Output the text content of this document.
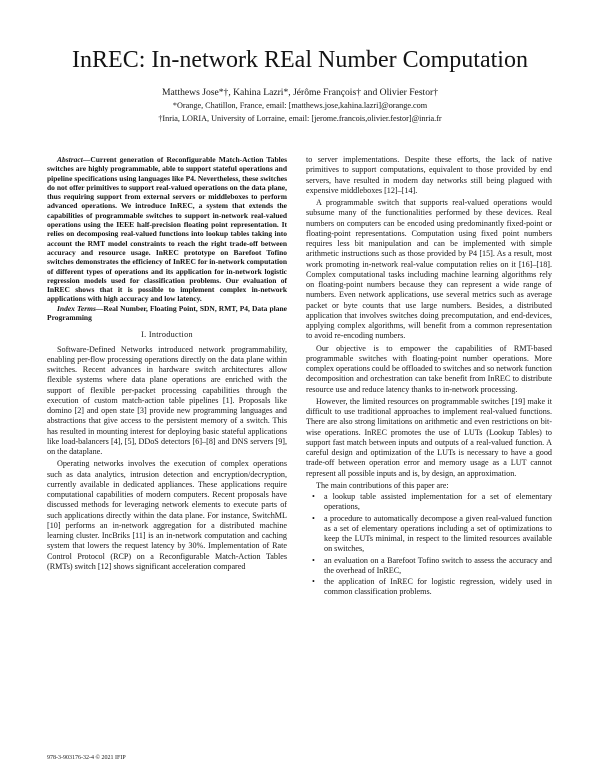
InREC: In-network REal Number Computation
Matthews Jose*†, Kahina Lazri*, Jérôme François† and Olivier Festor†
*Orange, Chatillon, France, email: [matthews.jose,kahina.lazri]@orange.com
†Inria, LORIA, University of Lorraine, email: [jerome.francois,olivier.festor]@inria.fr

Abstract—Current generation of Reconfigurable Match-Action Tables switches are highly programmable, able to support stateful operations and pipeline specifications using languages like P4. Nevertheless, these switches do not offer primitives to support real-valued operations on the data plane, thus requiring support from external servers or middleboxes to perform advanced operations. We introduce InREC, a system that extends the capabilities of programmable switches to support in-network real-valued operations using the IEEE half-precision floating point representation. It relies on decomposing real-valued functions into lookup tables taking into account the RMT model constraints to reach the right trade-off between accuracy and resource usage. InREC prototype on Barefoot Tofino switches demonstrates the efficiency of InREC for in-network computation of different types of operations and its application for in-network logistic regression models used for classification problems. Our evaluation of InREC shows that it is possible to implement complex in-network applications with high accuracy and low latency.

Index Terms—Real Number, Floating Point, SDN, RMT, P4, Data plane Programming

I. Introduction

Software-Defined Networks introduced network programmability, enabling per-flow processing operations directly on the data plane within switches. Recent advances in hardware switch architectures allow flexible systems where data plane operations are enriched with the support of flexible per-packet processing capabilities through the execution of custom match-action table pipelines [1]. Proposals like domino [2] and open state [3] provide new programming languages and abstractions that give access to the persistent memory of a switch. This has resulted in mounting interest for deploying basic stateful applications like load-balancers [4], [5], DDoS detectors [6]–[8] and DNS servers [9], on the dataplane.

Operating networks involves the execution of complex operations such as data analytics, intrusion detection and encryption/decryption, currently available in dedicated appliances. These applications require computational capabilities of modern computers. Recent proposals have discussed methods for leveraging network elements to execute parts of such applications directly within the data plane. For instance, SwitchML [10] performs an in-network aggregation for a distributed machine learning cluster. IncBriks [11] is an in-network computation and caching system that lowers the request latency by 30%. Implementation of Rate Control Protocol (RCP) on a Reconfigurable Match-Action Tables (RMTs) switch [12] shows significant acceleration compared

to server implementations. Despite these efforts, the lack of native primitives to support computations, equivalent to those provided by end servers, have resulted in modern day networks still being plagued with expensive middleboxes [12]–[14].

A programmable switch that supports real-valued operations would subsume many of the functionalities performed by these devices. Real numbers on computers can be encoded using predominantly fixed-point or floating-point representations. Computation using fixed point numbers requires less bit manipulation and can be implemented with simple arithmetic instructions such as those provided by P4 [15]. As a result, most work promoting in-network real-value computation relies on it [16]–[18]. Complex computational tasks including machine learning algorithms rely on floating-point numbers because they can represent a wide range of numbers. Even network applications, use several metrics such as average packet or byte counts that use large numbers. Besides, a distributed application that involves switches doing precomputation, and end-devices, applying complex algorithms, will benefit from a common representation to avoid re-encoding numbers.

Our objective is to empower the capabilities of RMT-based programmable switches with floating-point number operations. More complex operations could be offloaded to switches and so network function decomposition and orchestration can take benefit from InREC to distribute resource use and reduce latency thanks to in-network processing.

However, the limited resources on programmable switches [19] make it difficult to use traditional approaches to implement real-valued functions. There are also strong limitations on arithmetic and even restrictions on bit-wise operations. InREC promotes the use of LUTs (Lookup Tables) to support fast match between inputs and outputs of a real-valued function. A careful design and optimization of the LUTs is necessary to have a good trade-off between operation error and memory usage as a LUT cannot represent all possible inputs and is, by design, an approximation.

The main contributions of this paper are:

• a lookup table assisted implementation for a set of elementary operations,
• a procedure to automatically decompose a given real-valued function as a set of elementary operations including a set of optimizations to keep the LUTs minimal, in respect to the limited resources available on switches,
• an evaluation on a Barefoot Tofino switch to assess the accuracy and the overhead of InREC,
• the application of InREC for logistic regression, widely used in common classification problems.
978-3-903176-32-4 © 2021 IFIP
